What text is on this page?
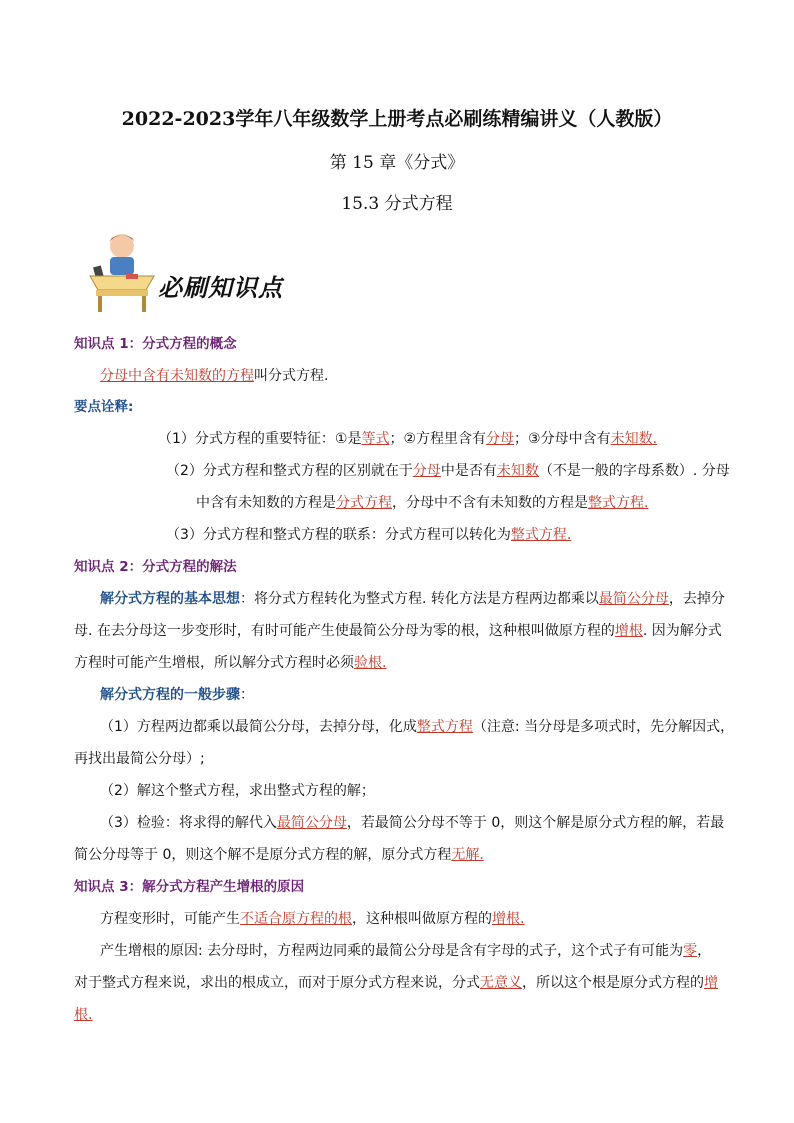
2022-2023学年八年级数学上册考点必刷练精编讲义（人教版）
第 15 章《分式》
15.3 分式方程
必刷知识点
知识点 1：分式方程的概念
分母中含有未知数的方程叫分式方程.
要点诠释:
（1）分式方程的重要特征：①是等式；②方程里含有分母；③分母中含有未知数.
（2）分式方程和整式方程的区别就在于分母中是否有未知数（不是一般的字母系数）. 分母
中含有未知数的方程是分式方程，分母中不含有未知数的方程是整式方程.
（3）分式方程和整式方程的联系：分式方程可以转化为整式方程.
知识点 2：分式方程的解法
解分式方程的基本思想：将分式方程转化为整式方程. 转化方法是方程两边都乘以最简公分母，去掉分
母. 在去分母这一步变形时，有时可能产生使最简公分母为零的根，这种根叫做原方程的增根. 因为解分式
方程时可能产生增根，所以解分式方程时必须验根.
解分式方程的一般步骤：
（1）方程两边都乘以最简公分母，去掉分母，化成整式方程（注意: 当分母是多项式时，先分解因式，
再找出最简公分母）;
（2）解这个整式方程，求出整式方程的解；
（3）检验：将求得的解代入最简公分母，若最简公分母不等于 0，则这个解是原分式方程的解，若最
简公分母等于 0，则这个解不是原分式方程的解，原分式方程无解.
知识点 3：解分式方程产生增根的原因
方程变形时，可能产生不适合原方程的根，这种根叫做原方程的增根.
产生增根的原因: 去分母时，方程两边同乘的最简公分母是含有字母的式子，这个式子有可能为零，
对于整式方程来说，求出的根成立，而对于原分式方程来说，分式无意义，所以这个根是原分式方程的增
根.
